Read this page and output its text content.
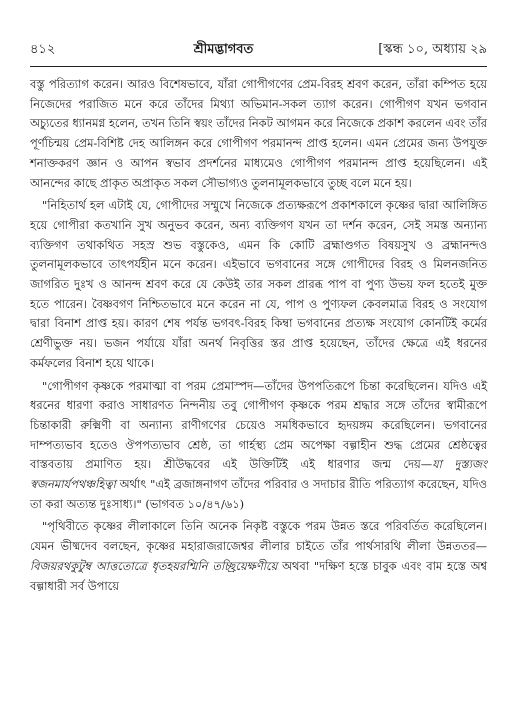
৪১২	শ্রীমদ্ভাগবত	[স্কন্ধ ১০, অধ্যায় ২৯

বস্তু পরিত্যাগ করেন। আরও বিশেষভাবে, যাঁরা গোপীগণের প্রেম-বিরহ শ্রবণ করেন, তাঁরা কম্পিত হয়ে নিজেদের পরাজিত মনে করে তাঁদের মিথ্যা অভিমান-সকল ত্যাগ করেন। গোপীগণ যখন ভগবান অচ্যুতের ধ্যানমগ্ন হলেন, তখন তিনি স্বয়ং তাঁদের নিকট আগমন করে নিজেকে প্রকাশ করলেন এবং তাঁর পূর্ণচিন্ময় প্রেম-বিশিষ্ট দেহ আলিঙ্গন করে গোপীগণ পরমানন্দ প্রাপ্ত হলেন। এমন প্রেমের জন্য উপযুক্ত শনাক্তকরণ জ্ঞান ও আপন স্বভাব প্রদর্শনের মাধ্যমেও গোপীগণ পরমানন্দ প্রাপ্ত হয়েছিলেন। এই আনন্দের কাছে প্রাকৃত অপ্রাকৃত সকল সৌভাগ্যও তুলনামূলকভাবে তুচ্ছ বলে মনে হয়।

"নিহিতার্থ হল এটাই যে, গোপীদের সম্মুখে নিজেকে প্রত্যক্ষরূপে প্রকাশকালে কৃষ্ণের দ্বারা আলিঙ্গিত হয়ে গোপীরা কতখানি সুখ অনুভব করেন, অন্য ব্যক্তিগণ যখন তা দর্শন করেন, সেই সমস্ত অন্যান্য ব্যক্তিগণ তথাকথিত সহস্র শুভ বস্তুকেও, এমন কি কোটি ব্রহ্মাণ্ডগত বিষয়সুখ ও ব্রহ্মানন্দও তুলনামূলকভাবে তাৎপর্যহীন মনে করেন। এইভাবে ভগবানের সঙ্গে গোপীদের বিরহ ও মিলনজনিত জাগরিত দুঃখ ও আনন্দ শ্রবণ করে যে কেউই তার সকল প্রারব্ধ পাপ বা পুণ্য উভয় ফল হতেই মুক্ত হতে পারেন। বৈষ্ণবগণ নিশ্চিতভাবে মনে করেন না যে, পাপ ও পুণ্যফল কেবলমাত্র বিরহ ও সংযোগ দ্বারা বিনাশ প্রাপ্ত হয়। কারণ শেষ পর্যন্ত ভগবৎ-বিরহ কিম্বা ভগবানের প্রত্যক্ষ সংযোগ কোনটিই কর্মের শ্রেণীভুক্ত নয়। ভজন পর্যায়ে যাঁরা অনর্থ নিবৃত্তির স্তর প্রাপ্ত হয়েছেন, তাঁদের ক্ষেত্রে এই ধরনের কর্মফলের বিনাশ হয়ে থাকে।

"গোপীগণ কৃষ্ণকে পরমাত্মা বা পরম প্রেমাস্পদ—তাঁদের উপপতিরূপে চিন্তা করেছিলেন। যদিও এই ধরনের ধারণা করাও সাধারণত নিন্দনীয় তবু গোপীগণ কৃষ্ণকে পরম শ্রদ্ধার সঙ্গে তাঁদের স্বামীরূপে চিন্তাকারী রুক্মিণী বা অন্যান্য রাণীগণের চেয়েও সমধিকভাবে হৃদয়ঙ্গম করেছিলেন। ভগবানের দাম্পত্যভাব হতেও ঔপপত্যভাব শ্রেষ্ঠ, তা গার্হস্থ্য প্রেম অপেক্ষা বল্গাহীন শুদ্ধ প্রেমের শ্রেষ্ঠত্বের বাস্তবতায় প্রমাণিত হয়। শ্রীউদ্ধবের এই উক্তিটিই এই ধারণার জন্ম দেয়—যা দুস্ত্যজং স্বজনমার্যপথঞ্চহিত্বা অর্থাৎ "এই ব্রজাঙ্গনাগণ তাঁদের পরিবার ও সদাচার রীতি পরিত্যাগ করেছেন, যদিও তা করা অত্যন্ত দুঃসাধ্য।" (ভাগবত ১০/৪৭/৬১)

"পৃথিবীতে কৃষ্ণের লীলাকালে তিনি অনেক নিকৃষ্ট বস্তুকে পরম উন্নত স্তরে পরিবর্তিত করেছিলেন। যেমন ভীষ্মদেব বলছেন, কৃষ্ণের মহারাজরাজেশ্বর লীলার চাইতে তাঁর পার্থসারথি লীলা উন্নততর—বিজয়রথকুটুম্ব আত্ততোত্রে ধৃতহয়রশ্মিনি তচ্ছ্রিয়েক্ষণীয়ে অথবা "দক্ষিণ হস্তে চাবুক এবং বাম হস্তে অশ্ব বল্গাধারী সর্ব উপায়ে
